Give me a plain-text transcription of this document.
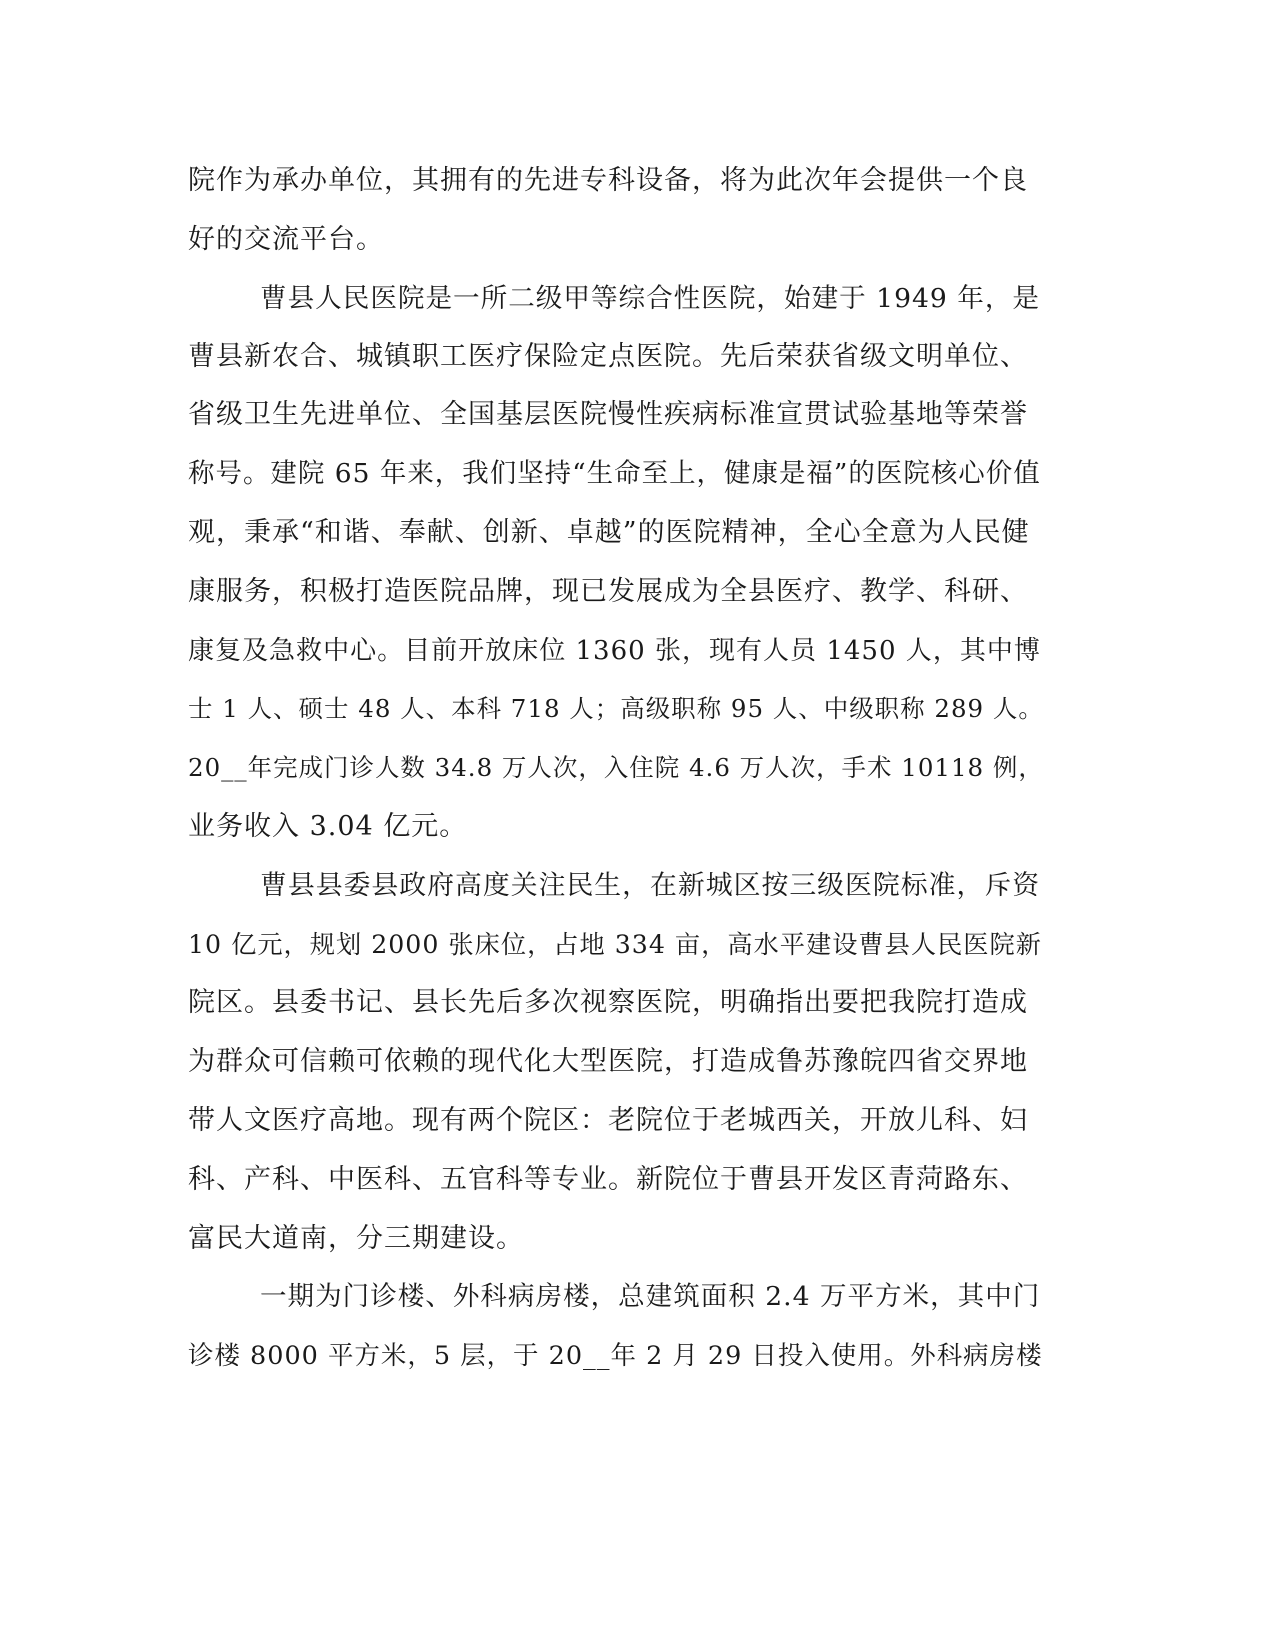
院作为承办单位，其拥有的先进专科设备，将为此次年会提供一个良
好的交流平台。
曹县人民医院是一所二级甲等综合性医院，始建于 1949 年，是
曹县新农合、城镇职工医疗保险定点医院。先后荣获省级文明单位、
省级卫生先进单位、全国基层医院慢性疾病标准宣贯试验基地等荣誉
称号。建院 65 年来，我们坚持“生命至上，健康是福”的医院核心价值
观，秉承“和谐、奉献、创新、卓越”的医院精神，全心全意为人民健
康服务，积极打造医院品牌，现已发展成为全县医疗、教学、科研、
康复及急救中心。目前开放床位 1360 张，现有人员 1450 人，其中博
士 1 人、硕士 48 人、本科 718 人；高级职称 95 人、中级职称 289 人。
20__年完成门诊人数 34.8 万人次，入住院 4.6 万人次，手术 10118 例，
业务收入 3.04 亿元。
曹县县委县政府高度关注民生，在新城区按三级医院标准，斥资
10 亿元，规划 2000 张床位，占地 334 亩，高水平建设曹县人民医院新
院区。县委书记、县长先后多次视察医院，明确指出要把我院打造成
为群众可信赖可依赖的现代化大型医院，打造成鲁苏豫皖四省交界地
带人文医疗高地。现有两个院区：老院位于老城西关，开放儿科、妇
科、产科、中医科、五官科等专业。新院位于曹县开发区青菏路东、
富民大道南，分三期建设。
一期为门诊楼、外科病房楼，总建筑面积 2.4 万平方米，其中门
诊楼 8000 平方米，5 层，于 20__年 2 月 29 日投入使用。外科病房楼
